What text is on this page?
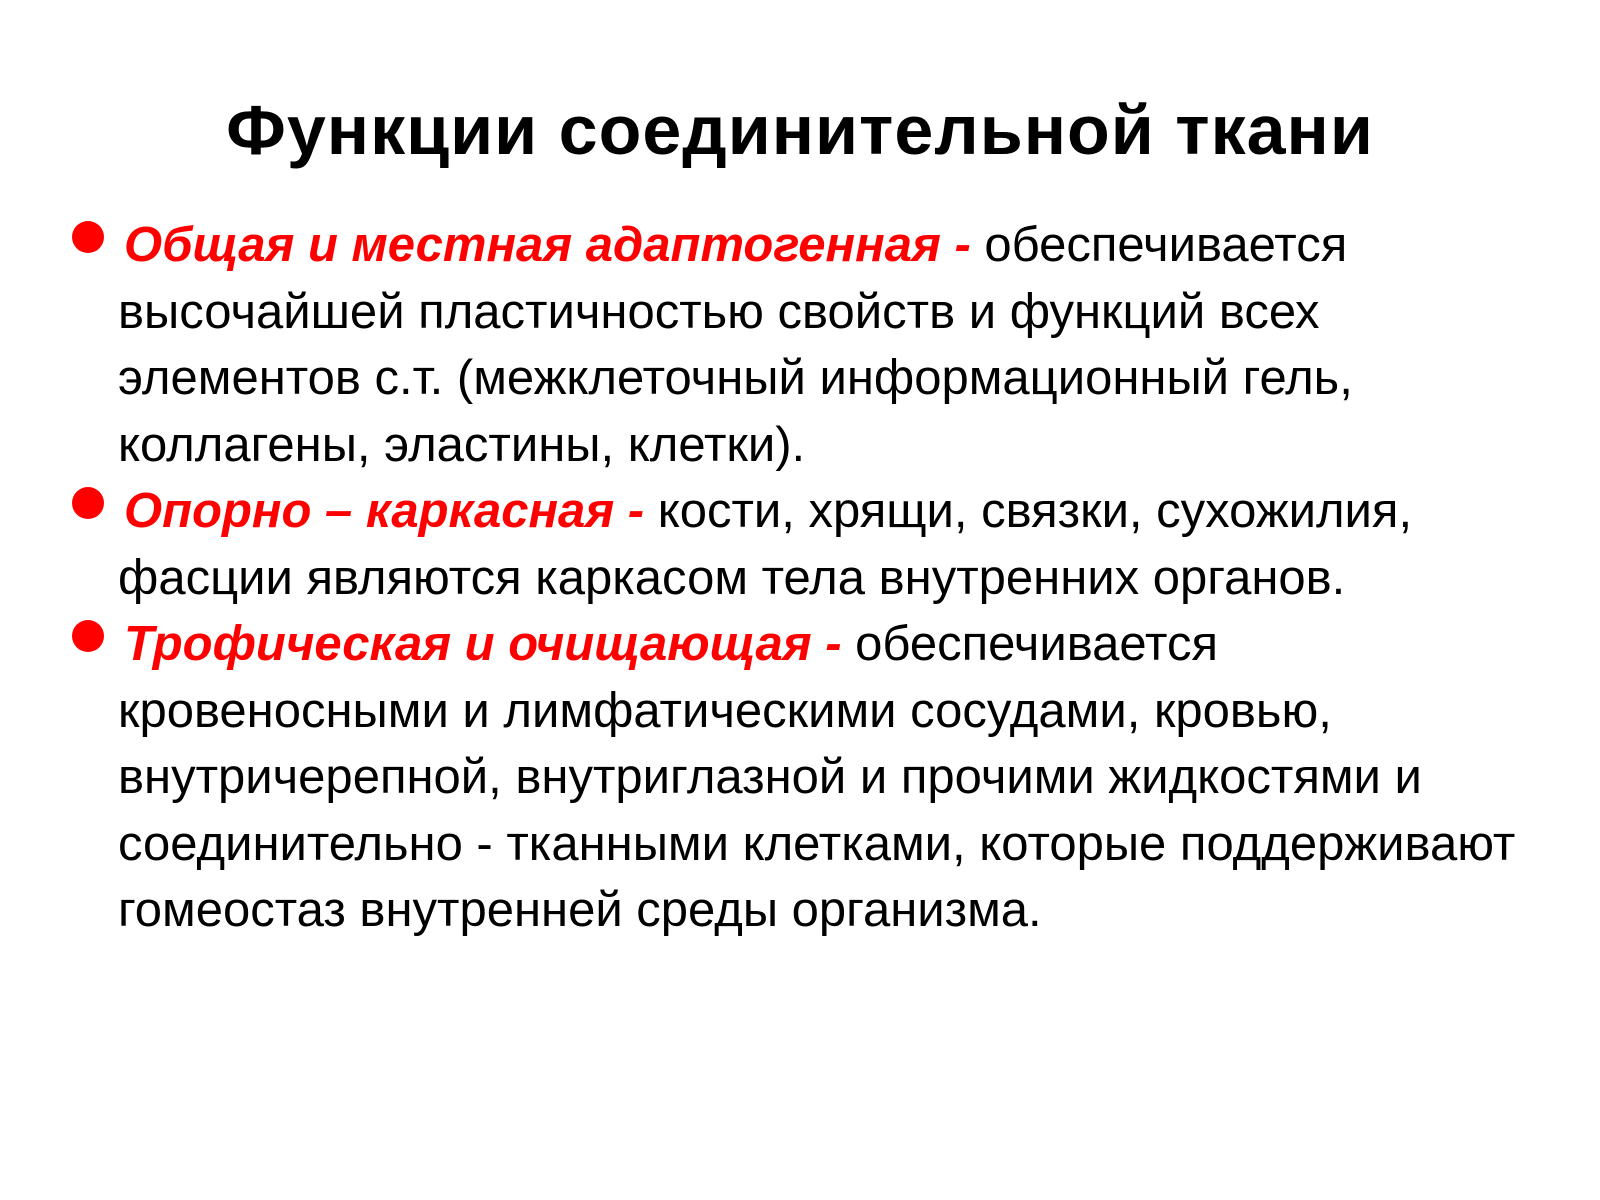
Функции соединительной ткани
Общая и местная адаптогенная - обеспечивается высочайшей пластичностью свойств и функций всех элементов с.т. (межклеточный информационный гель, коллагены, эластины, клетки).
Опорно – каркасная - кости, хрящи, связки, сухожилия, фасции являются каркасом тела внутренних органов.
Трофическая и очищающая - обеспечивается кровеносными и лимфатическими сосудами, кровью, внутричерепной, внутриглазной и прочими жидкостями и соединительно - тканными клетками, которые поддерживают гомеостаз внутренней среды организма.
